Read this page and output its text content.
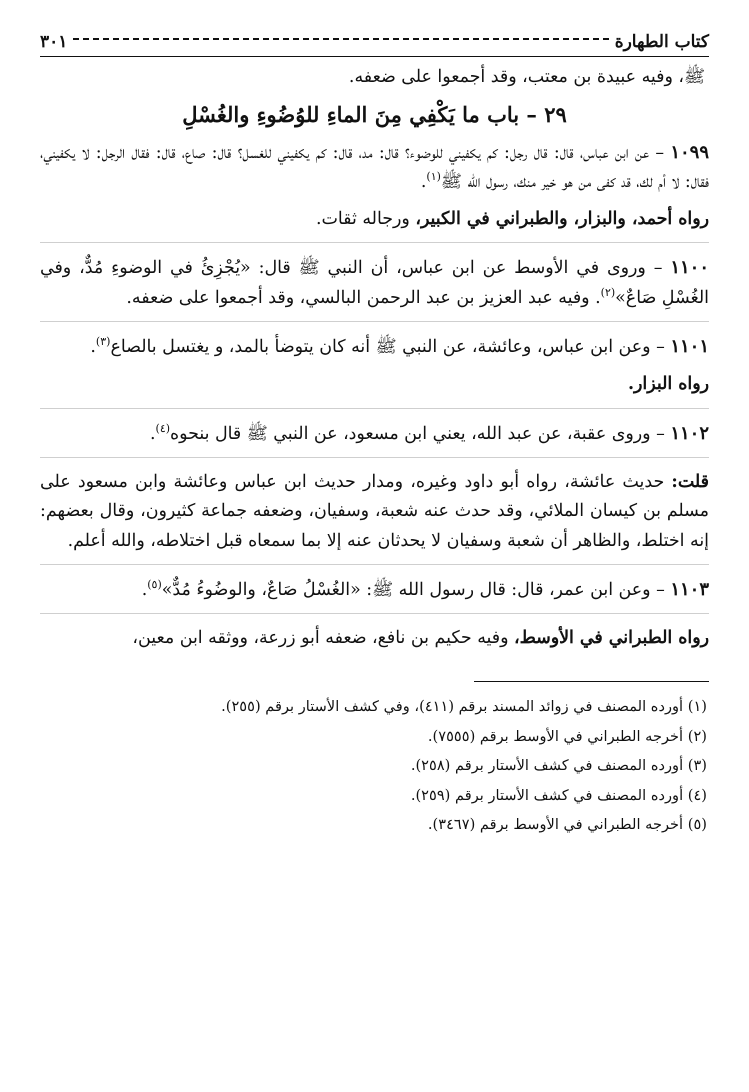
كتاب الطهارة
٣٠١

ﷺ، وفيه عبيدة بن معتب، وقد أجمعوا على ضعفه.

٢٩ – باب ما يَكْفِي مِنَ الماءِ للوُضُوءِ والغُسْلِ

١٠٩٩ – عن ابن عباس، قال: قال رجل: كم يكفيني للوضوء؟ قال: مد، قال: كم يكفيني للغسل؟ قال: صاع، قال: فقال الرجل: لا يكفيني، فقال: لا أم لك، قد كفى من هو خير منك، رسول الله ﷺ$^{(١)}$.

رواه أحمد، والبزار، والطبراني في الكبير، ورجاله ثقات.

١١٠٠ – وروى في الأوسط عن ابن عباس، أن النبي ﷺ قال: «يُجْزِئُ في الوضوءِ مُدٌّ، وفي الغُسْلِ صَاعٌ»$^{(٢)}$. وفيه عبد العزيز بن عبد الرحمن البالسي، وقد أجمعوا على ضعفه.

١١٠١ – وعن ابن عباس، وعائشة، عن النبي ﷺ أنه كان يتوضأ بالمد، و يغتسل بالصاع$^{(٣)}$.

رواه البزار.

١١٠٢ – وروى عقبة، عن عبد الله، يعني ابن مسعود، عن النبي ﷺ قال بنحوه$^{(٤)}$.

قلت: حديث عائشة، رواه أبو داود وغيره، ومدار حديث ابن عباس وعائشة وابن مسعود على مسلم بن كيسان الملائي، وقد حدث عنه شعبة، وسفيان، وضعفه جماعة كثيرون، وقال بعضهم: إنه اختلط، والظاهر أن شعبة وسفيان لا يحدثان عنه إلا بما سمعاه قبل اختلاطه، والله أعلم.

١١٠٣ – وعن ابن عمر، قال: قال رسول الله ﷺ: «الغُسْلُ صَاعٌ، والوضُوءُ مُدٌّ»$^{(٥)}$.

رواه الطبراني في الأوسط، وفيه حكيم بن نافع، ضعفه أبو زرعة، ووثقه ابن معين،

(١) أورده المصنف في زوائد المسند برقم (٤١١)، وفي كشف الأستار برقم (٢٥٥).
(٢) أخرجه الطبراني في الأوسط برقم (٧٥٥٥).
(٣) أورده المصنف في كشف الأستار برقم (٢٥٨).
(٤) أورده المصنف في كشف الأستار برقم (٢٥٩).
(٥) أخرجه الطبراني في الأوسط برقم (٣٤٦٧).
